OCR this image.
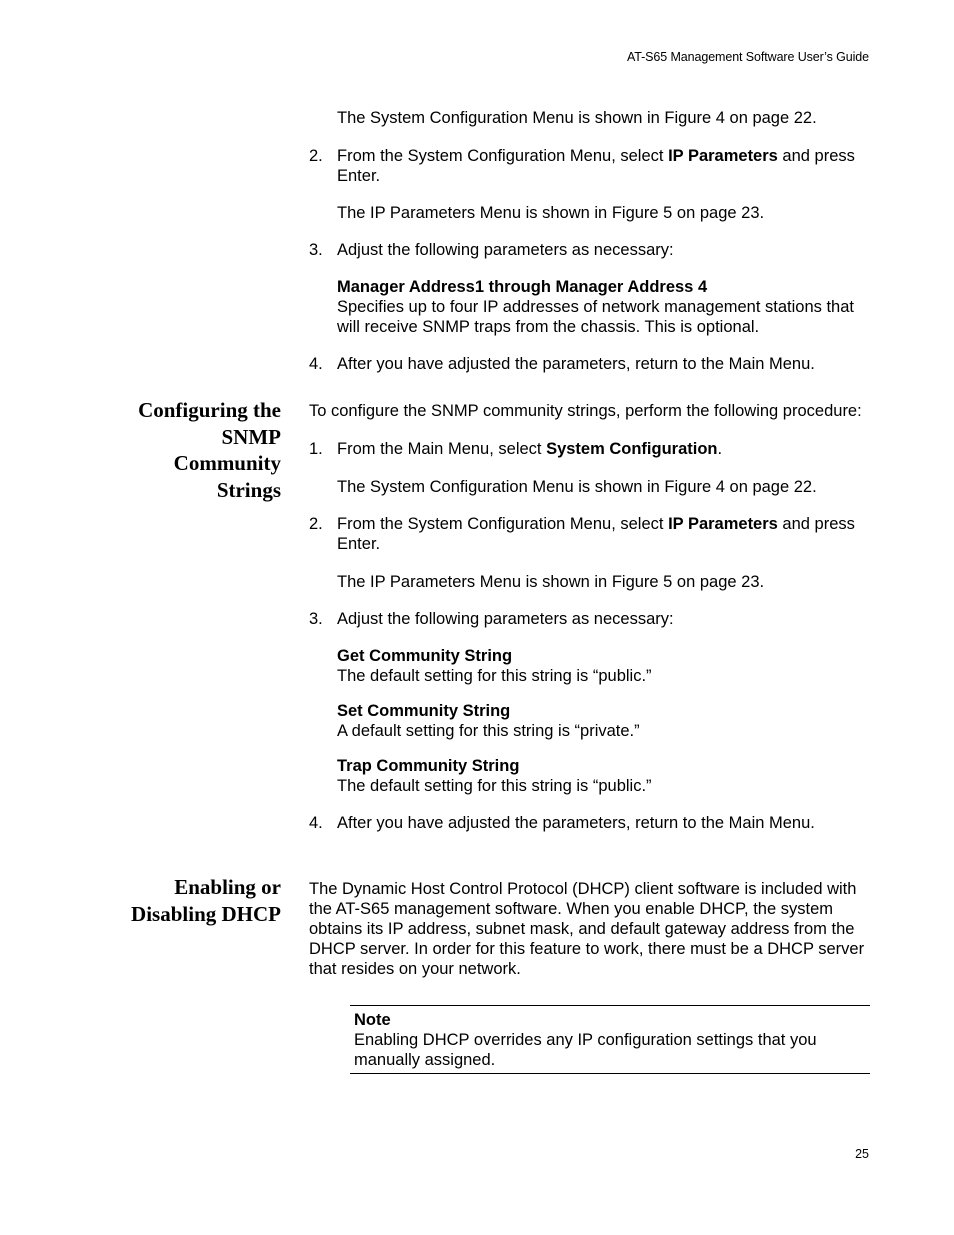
AT-S65 Management Software User’s Guide

The System Configuration Menu is shown in Figure 4 on page 22.

2. From the System Configuration Menu, select IP Parameters and press Enter.

The IP Parameters Menu is shown in Figure 5 on page 23.

3. Adjust the following parameters as necessary:
Manager Address1 through Manager Address 4
Specifies up to four IP addresses of network management stations that will receive SNMP traps from the chassis. This is optional.
4. After you have adjusted the parameters, return to the Main Menu.
Configuring the
SNMP
Community
Strings

To configure the SNMP community strings, perform the following procedure:

1. From the Main Menu, select System Configuration.

The System Configuration Menu is shown in Figure 4 on page 22.

2. From the System Configuration Menu, select IP Parameters and press Enter.

The IP Parameters Menu is shown in Figure 5 on page 23.

3. Adjust the following parameters as necessary:
Get Community String
The default setting for this string is “public.”
Set Community String
A default setting for this string is “private.”
Trap Community String
The default setting for this string is “public.”
4. After you have adjusted the parameters, return to the Main Menu.
Enabling or
Disabling DHCP

The Dynamic Host Control Protocol (DHCP) client software is included with the AT-S65 management software. When you enable DHCP, the system obtains its IP address, subnet mask, and default gateway address from the DHCP server. In order for this feature to work, there must be a DHCP server that resides on your network.

Note
Enabling DHCP overrides any IP configuration settings that you manually assigned.
25
